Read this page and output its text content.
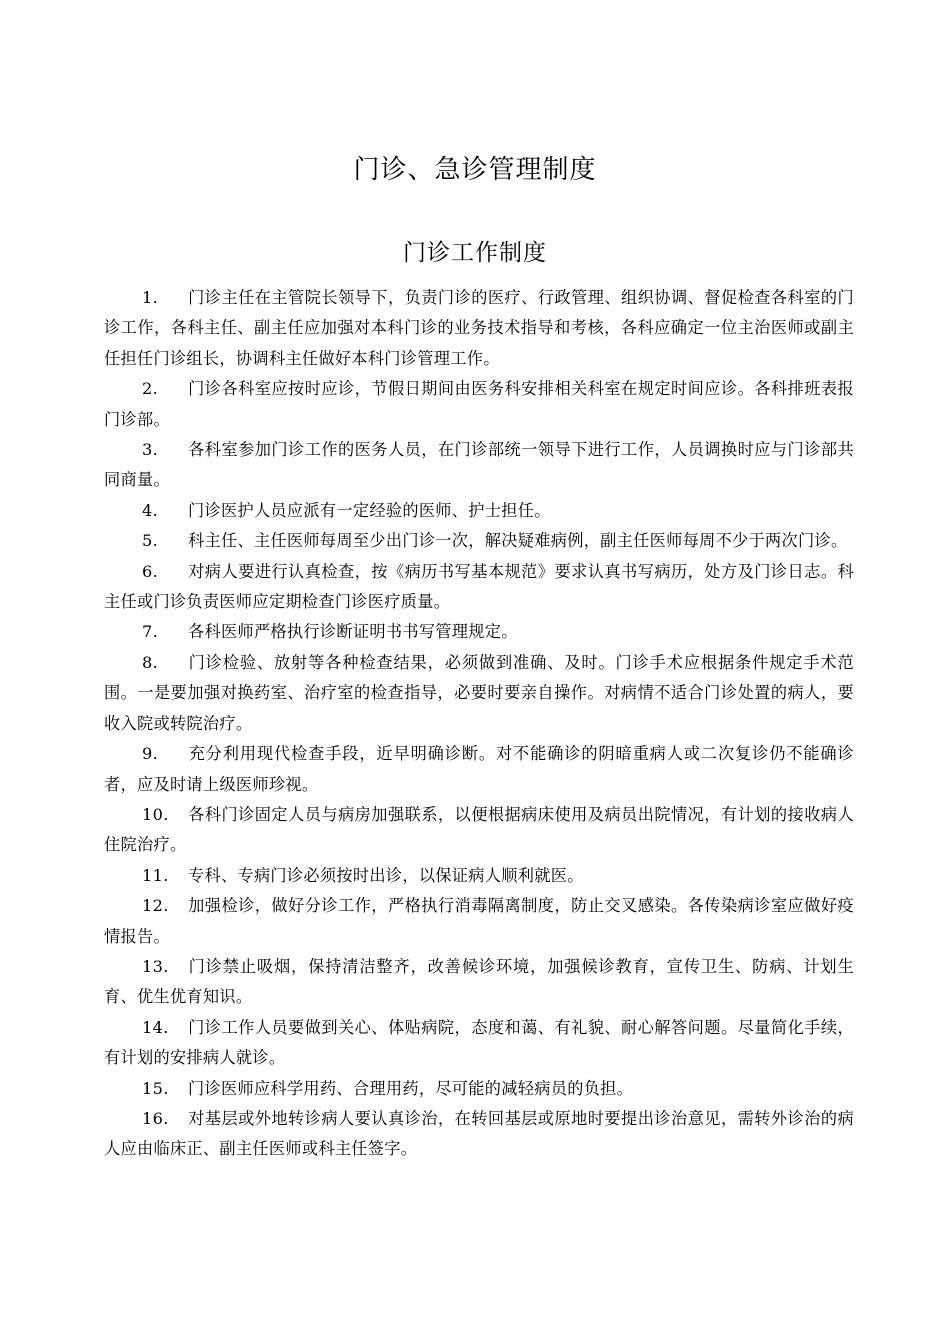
门诊、急诊管理制度
门诊工作制度

1. 门诊主任在主管院长领导下，负责门诊的医疗、行政管理、组织协调、督促检查各科室的门诊工作，各科主任、副主任应加强对本科门诊的业务技术指导和考核，各科应确定一位主治医师或副主任担任门诊组长，协调科主任做好本科门诊管理工作。

2. 门诊各科室应按时应诊，节假日期间由医务科安排相关科室在规定时间应诊。各科排班表报门诊部。

3. 各科室参加门诊工作的医务人员，在门诊部统一领导下进行工作，人员调换时应与门诊部共同商量。

4. 门诊医护人员应派有一定经验的医师、护士担任。

5. 科主任、主任医师每周至少出门诊一次，解决疑难病例，副主任医师每周不少于两次门诊。

6. 对病人要进行认真检查，按《病历书写基本规范》要求认真书写病历，处方及门诊日志。科主任或门诊负责医师应定期检查门诊医疗质量。

7. 各科医师严格执行诊断证明书书写管理规定。

8. 门诊检验、放射等各种检查结果，必须做到准确、及时。门诊手术应根据条件规定手术范围。一是要加强对换药室、治疗室的检查指导，必要时要亲自操作。对病情不适合门诊处置的病人，要收入院或转院治疗。

9. 充分利用现代检查手段，近早明确诊断。对不能确诊的阴暗重病人或二次复诊仍不能确诊者，应及时请上级医师珍视。

10. 各科门诊固定人员与病房加强联系，以便根据病床使用及病员出院情况，有计划的接收病人住院治疗。

11. 专科、专病门诊必须按时出诊，以保证病人顺利就医。

12. 加强检诊，做好分诊工作，严格执行消毒隔离制度，防止交叉感染。各传染病诊室应做好疫情报告。

13. 门诊禁止吸烟，保持清洁整齐，改善候诊环境，加强候诊教育，宣传卫生、防病、计划生育、优生优育知识。

14. 门诊工作人员要做到关心、体贴病院，态度和蔼、有礼貌、耐心解答问题。尽量简化手续，有计划的安排病人就诊。

15. 门诊医师应科学用药、合理用药，尽可能的减轻病员的负担。

16. 对基层或外地转诊病人要认真诊治，在转回基层或原地时要提出诊治意见，需转外诊治的病人应由临床正、副主任医师或科主任签字。
